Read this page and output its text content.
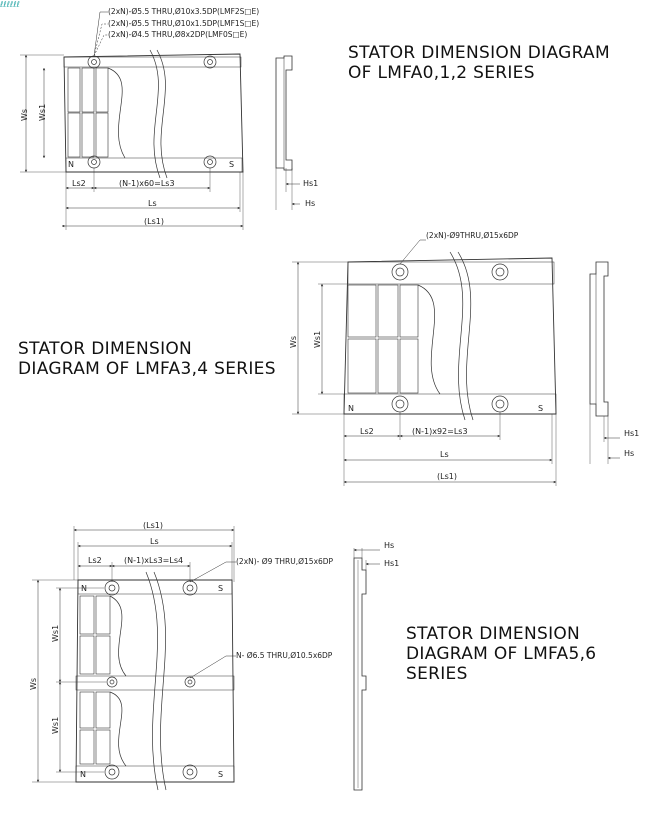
ℓℓℓℓℓℓ
STATOR DIMENSION DIAGRAM
OF LMFA0,1,2 SERIES
STATOR DIMENSION
DIAGRAM OF LMFA3,4 SERIES
STATOR DIMENSION
DIAGRAM OF LMFA5,6
SERIES
(2xN)-Ø5.5 THRU,Ø10x3.5DP(LMF2S□E)
(2xN)-Ø5.5 THRU,Ø10x1.5DP(LMF1S□E)
(2xN)-Ø4.5 THRU,Ø8x2DP(LMF0S□E)
Ws Ws1
N	S
Ls2	(N-1)x60=Ls3
Ls
(Ls1)
Hs1
Hs
(2xN)-Ø9THRU,Ø15x6DP
Ws Ws1
N	S
Ls2	(N-1)x92=Ls3
Ls
(Ls1)
Hs1
Hs
(Ls1)
Ls
Ls2	(N-1)xLs3=Ls4	(2xN)- Ø9 THRU,Ø15x6DP
N- Ø6.5 THRU,Ø10.5x6DP
Ws
Ws1
Ws1
N	S
N	S
Hs
Hs1
